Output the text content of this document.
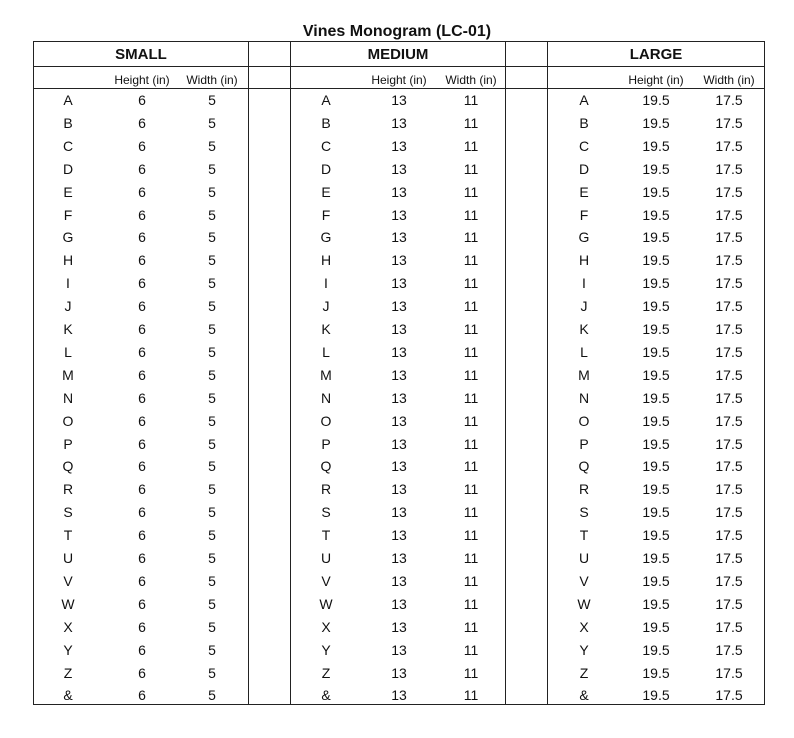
Vines Monogram (LC-01)
SMALL
Height (in)	Width (in)
A	6	5
B	6	5
C	6	5
D	6	5
E	6	5
F	6	5
G	6	5
H	6	5
I	6	5
J	6	5
K	6	5
L	6	5
M	6	5
N	6	5
O	6	5
P	6	5
Q	6	5
R	6	5
S	6	5
T	6	5
U	6	5
V	6	5
W	6	5
X	6	5
Y	6	5
Z	6	5
&	6	5
MEDIUM
Height (in)	Width (in)
A	13	11
B	13	11
C	13	11
D	13	11
E	13	11
F	13	11
G	13	11
H	13	11
I	13	11
J	13	11
K	13	11
L	13	11
M	13	11
N	13	11
O	13	11
P	13	11
Q	13	11
R	13	11
S	13	11
T	13	11
U	13	11
V	13	11
W	13	11
X	13	11
Y	13	11
Z	13	11
&	13	11
LARGE
Height (in)	Width (in)
A	19.5	17.5
B	19.5	17.5
C	19.5	17.5
D	19.5	17.5
E	19.5	17.5
F	19.5	17.5
G	19.5	17.5
H	19.5	17.5
I	19.5	17.5
J	19.5	17.5
K	19.5	17.5
L	19.5	17.5
M	19.5	17.5
N	19.5	17.5
O	19.5	17.5
P	19.5	17.5
Q	19.5	17.5
R	19.5	17.5
S	19.5	17.5
T	19.5	17.5
U	19.5	17.5
V	19.5	17.5
W	19.5	17.5
X	19.5	17.5
Y	19.5	17.5
Z	19.5	17.5
&	19.5	17.5
